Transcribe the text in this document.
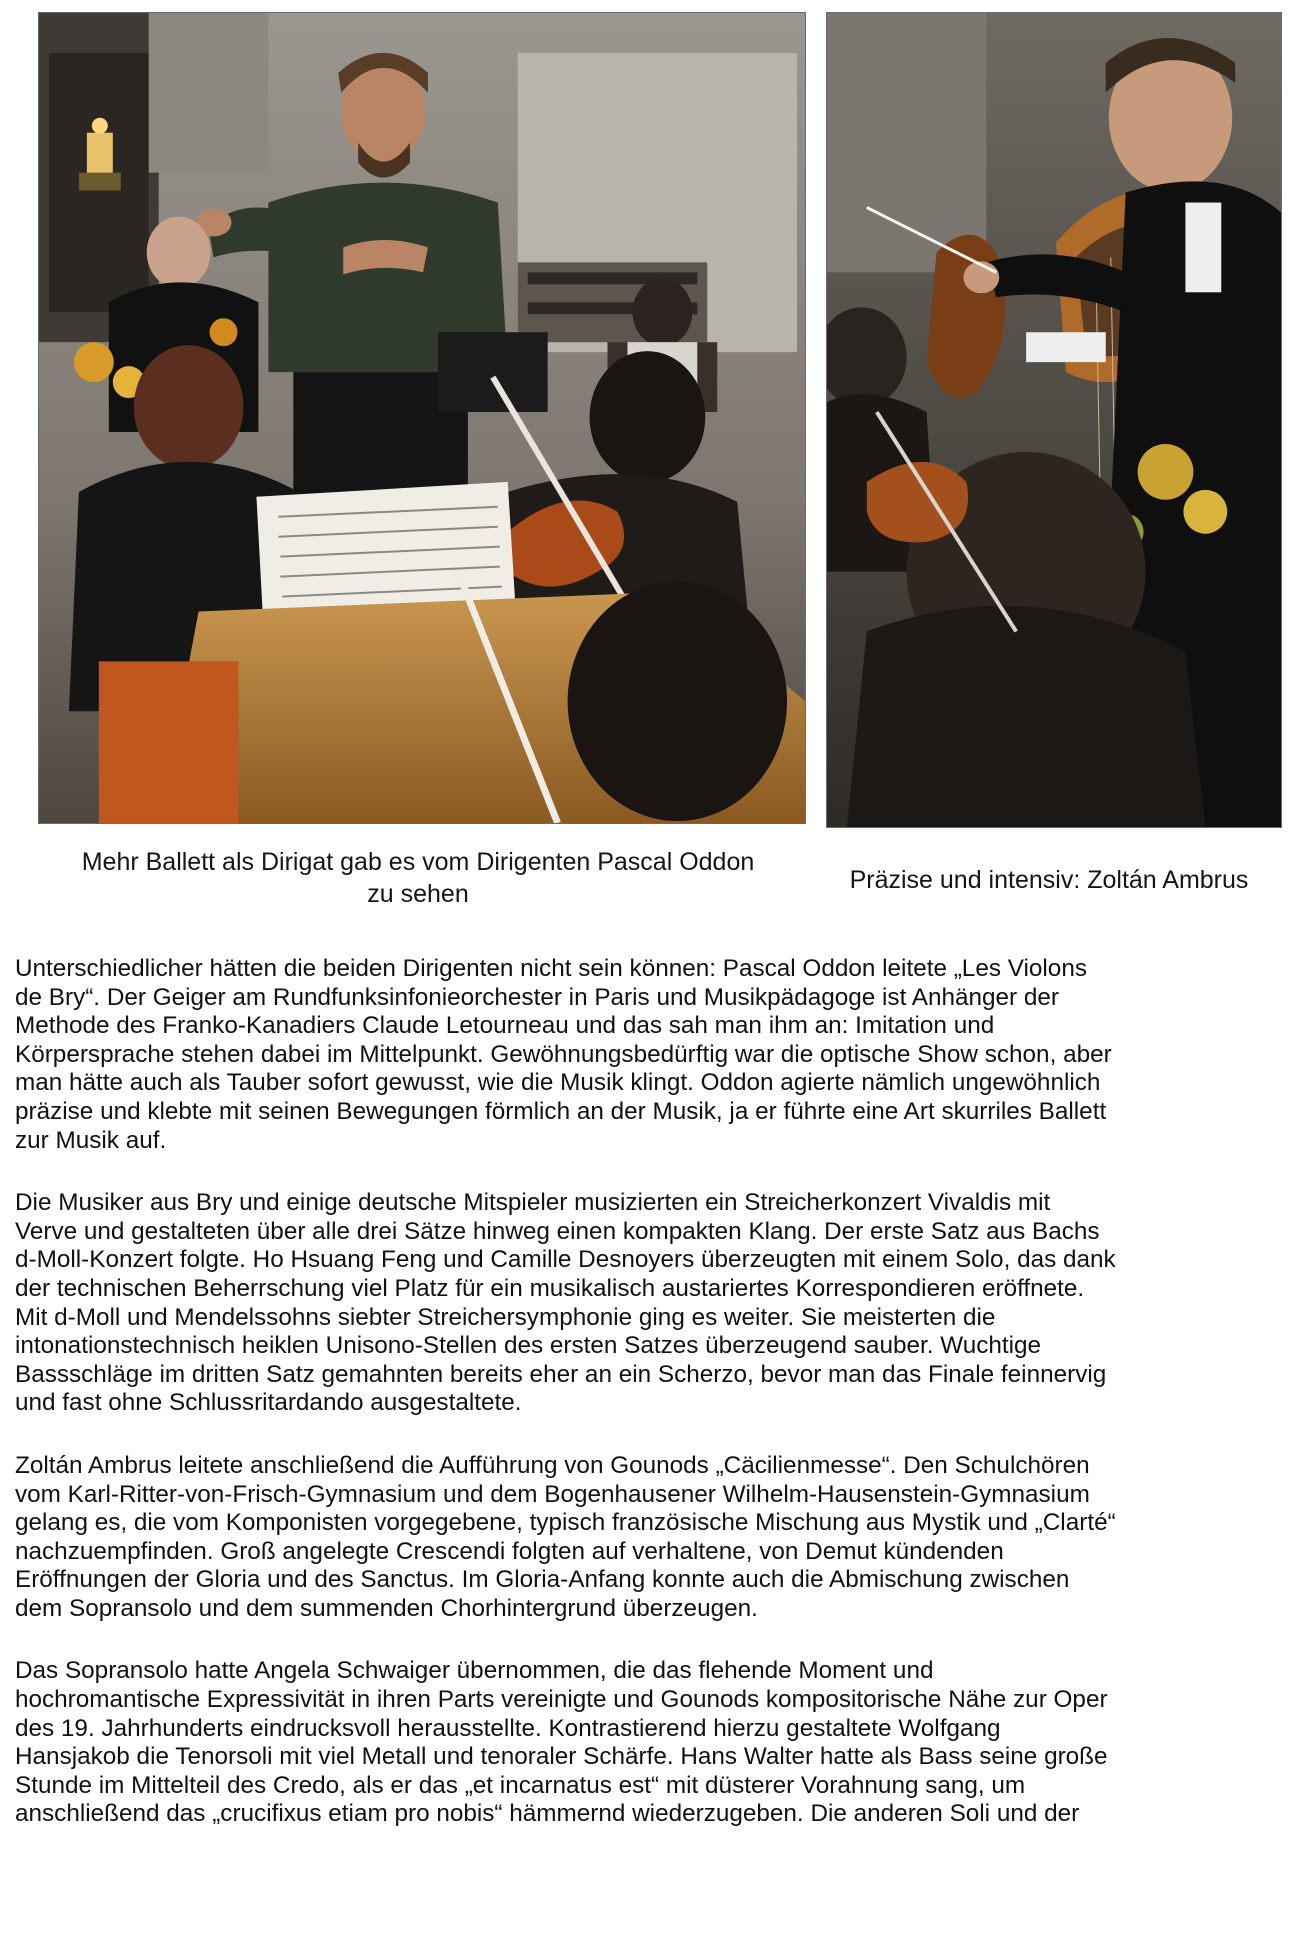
Mehr Ballett als Dirigat gab es vom Dirigenten Pascal Oddon
zu sehen	Präzise und intensiv: Zoltán Ambrus

Unterschiedlicher hätten die beiden Dirigenten nicht sein können: Pascal Oddon leitete „Les Violons
de Bry“. Der Geiger am Rundfunksinfonieorchester in Paris und Musikpädagoge ist Anhänger der
Methode des Franko-Kanadiers Claude Letourneau und das sah man ihm an: Imitation und
Körpersprache stehen dabei im Mittelpunkt. Gewöhnungsbedürftig war die optische Show schon, aber
man hätte auch als Tauber sofort gewusst, wie die Musik klingt. Oddon agierte nämlich ungewöhnlich
präzise und klebte mit seinen Bewegungen förmlich an der Musik, ja er führte eine Art skurriles Ballett
zur Musik auf.

Die Musiker aus Bry und einige deutsche Mitspieler musizierten ein Streicherkonzert Vivaldis mit
Verve und gestalteten über alle drei Sätze hinweg einen kompakten Klang. Der erste Satz aus Bachs
d-Moll-Konzert folgte. Ho Hsuang Feng und Camille Desnoyers überzeugten mit einem Solo, das dank
der technischen Beherrschung viel Platz für ein musikalisch austariertes Korrespondieren eröffnete.
Mit d-Moll und Mendelssohns siebter Streichersymphonie ging es weiter. Sie meisterten die
intonationstechnisch heiklen Unisono-Stellen des ersten Satzes überzeugend sauber. Wuchtige
Bassschläge im dritten Satz gemahnten bereits eher an ein Scherzo, bevor man das Finale feinnervig
und fast ohne Schlussritardando ausgestaltete.

Zoltán Ambrus leitete anschließend die Aufführung von Gounods „Cäcilienmesse“. Den Schulchören
vom Karl-Ritter-von-Frisch-Gymnasium und dem Bogenhausener Wilhelm-Hausenstein-Gymnasium
gelang es, die vom Komponisten vorgegebene, typisch französische Mischung aus Mystik und „Clarté“
nachzuempfinden. Groß angelegte Crescendi folgten auf verhaltene, von Demut kündenden
Eröffnungen der Gloria und des Sanctus. Im Gloria-Anfang konnte auch die Abmischung zwischen
dem Sopransolo und dem summenden Chorhintergrund überzeugen.

Das Sopransolo hatte Angela Schwaiger übernommen, die das flehende Moment und
hochromantische Expressivität in ihren Parts vereinigte und Gounods kompositorische Nähe zur Oper
des 19. Jahrhunderts eindrucksvoll herausstellte. Kontrastierend hierzu gestaltete Wolfgang
Hansjakob die Tenorsoli mit viel Metall und tenoraler Schärfe. Hans Walter hatte als Bass seine große
Stunde im Mittelteil des Credo, als er das „et incarnatus est“ mit düsterer Vorahnung sang, um
anschließend das „crucifixus etiam pro nobis“ hämmernd wiederzugeben. Die anderen Soli und der
